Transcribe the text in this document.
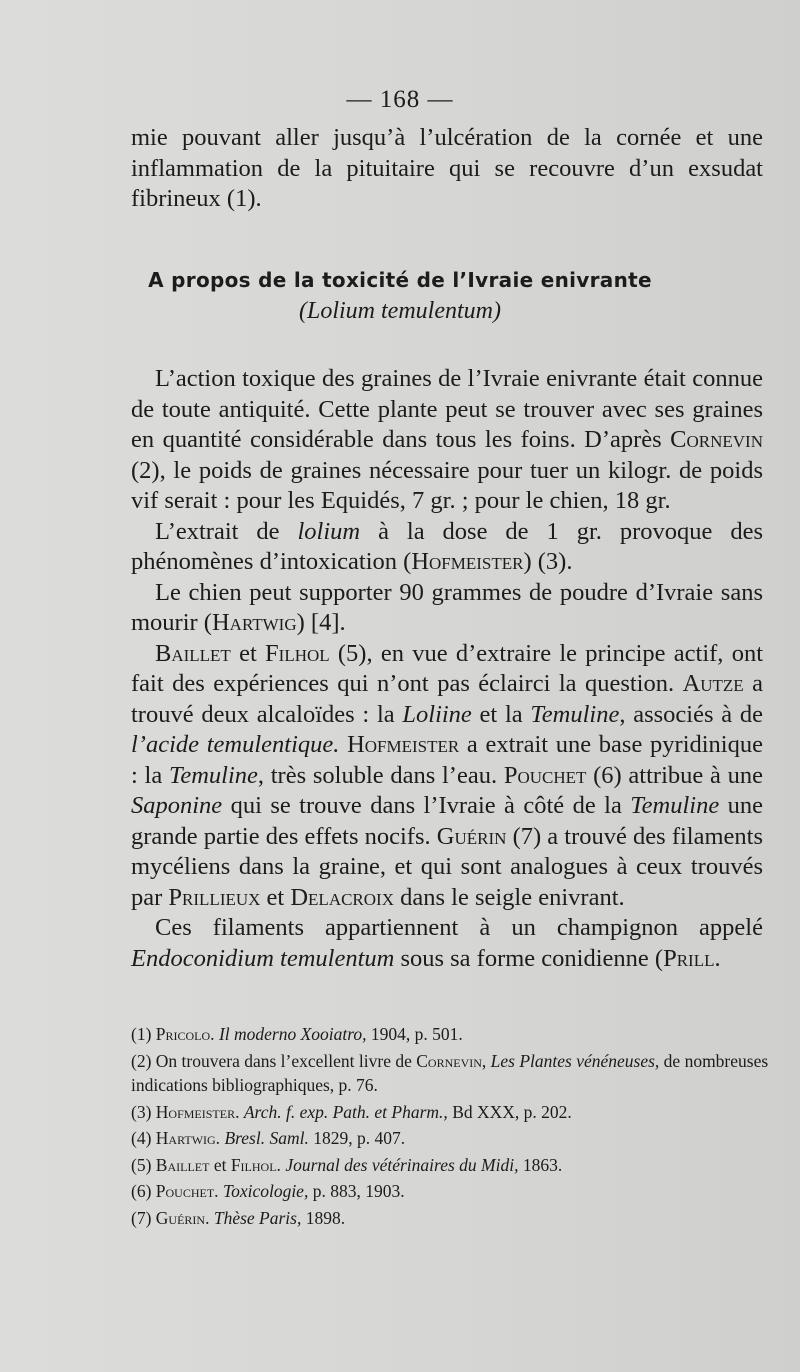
— 168 —

mie pouvant aller jusqu’à l’ulcération de la cornée et une inflammation de la pituitaire qui se recouvre d’un exsudat fibrineux (1).

A propos de la toxicité de l’Ivraie enivrante
(Lolium temulentum)

L’action toxique des graines de l’Ivraie enivrante était connue de toute antiquité. Cette plante peut se trouver avec ses graines en quantité considérable dans tous les foins. D’après Cornevin (2), le poids de graines nécessaire pour tuer un kilogr. de poids vif serait : pour les Equidés, 7 gr. ; pour le chien, 18 gr.

L’extrait de lolium à la dose de 1 gr. provoque des phénomènes d’intoxication (Hofmeister) (3).

Le chien peut supporter 90 grammes de poudre d’Ivraie sans mourir (Hartwig) [4].

Baillet et Filhol (5), en vue d’extraire le principe actif, ont fait des expériences qui n’ont pas éclairci la question. Autze a trouvé deux alcaloïdes : la Loliine et la Temuline, associés à de l’acide temulentique. Hofmeister a extrait une base pyridinique : la Temuline, très soluble dans l’eau. Pouchet (6) attribue à une Saponine qui se trouve dans l’Ivraie à côté de la Temuline une grande partie des effets nocifs. Guérin (7) a trouvé des filaments mycéliens dans la graine, et qui sont analogues à ceux trouvés par Prillieux et Delacroix dans le seigle enivrant.

Ces filaments appartiennent à un champignon appelé Endoconidium temulentum sous sa forme conidienne (Prill.

(1) Pricolo. Il moderno Xooiatro, 1904, p. 501.

(2) On trouvera dans l’excellent livre de Cornevin, Les Plantes vénéneuses, de nombreuses indications bibliographiques, p. 76.

(3) Hofmeister. Arch. f. exp. Path. et Pharm., Bd XXX, p. 202.

(4) Hartwig. Bresl. Saml. 1829, p. 407.

(5) Baillet et Filhol. Journal des vétérinaires du Midi, 1863.

(6) Pouchet. Toxicologie, p. 883, 1903.

(7) Guérin. Thèse Paris, 1898.
